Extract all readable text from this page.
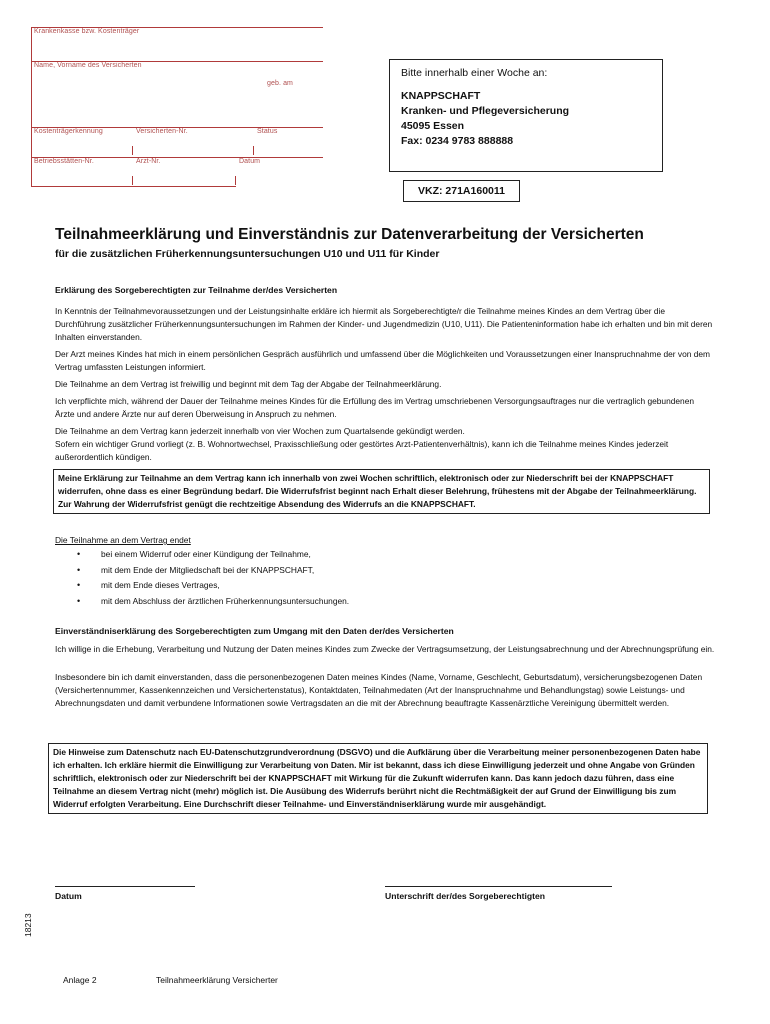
Krankenkasse bzw. Kostenträger
Name, Vorname des Versicherten
geb. am
Kostenträgerkennung	Versicherten-Nr.	Status
Betriebsstätten-Nr.	Arzt-Nr.	Datum
Bitte innerhalb einer Woche an:
KNAPPSCHAFT
Kranken- und Pflegeversicherung
45095 Essen
Fax: 0234 9783 888888
VKZ: 271A160011
Teilnahmeerklärung und Einverständnis zur Datenverarbeitung der Versicherten
für die zusätzlichen Früherkennungsuntersuchungen U10 und U11 für Kinder
Erklärung des Sorgeberechtigten zur Teilnahme der/des Versicherten
In Kenntnis der Teilnahmevoraussetzungen und der Leistungsinhalte erkläre ich hiermit als Sorgeberechtigte/r die Teilnahme meines Kindes an dem Vertrag über die Durchführung zusätzlicher Früherkennungsuntersuchungen im Rahmen der Kinder- und Jugendmedizin (U10, U11). Die Patienteninformation habe ich erhalten und bin mit deren Inhalten einverstanden.
Der Arzt meines Kindes hat mich in einem persönlichen Gespräch ausführlich und umfassend über die Möglichkeiten und Voraussetzungen einer Inanspruchnahme der von dem Vertrag umfassten Leistungen informiert.
Die Teilnahme an dem Vertrag ist freiwillig und beginnt mit dem Tag der Abgabe der Teilnahmeerklärung.
Ich verpflichte mich, während der Dauer der Teilnahme meines Kindes für die Erfüllung des im Vertrag umschriebenen Versorgungsauftrages nur die vertraglich gebundenen Ärzte und andere Ärzte nur auf deren Überweisung in Anspruch zu nehmen.
Die Teilnahme an dem Vertrag kann jederzeit innerhalb von vier Wochen zum Quartalsende gekündigt werden.
Sofern ein wichtiger Grund vorliegt (z. B. Wohnortwechsel, Praxisschließung oder gestörtes Arzt-Patientenverhältnis), kann ich die Teilnahme meines Kindes jederzeit außerordentlich kündigen.
Meine Erklärung zur Teilnahme an dem Vertrag kann ich innerhalb von zwei Wochen schriftlich, elektronisch oder zur Niederschrift bei der KNAPPSCHAFT widerrufen, ohne dass es einer Begründung bedarf. Die Widerrufsfrist beginnt nach Erhalt dieser Belehrung, frühestens mit der Abgabe der Teilnahmeerklärung. Zur Wahrung der Widerrufsfrist genügt die rechtzeitige Absendung des Widerrufs an die KNAPPSCHAFT.
Die Teilnahme an dem Vertrag endet
• bei einem Widerruf oder einer Kündigung der Teilnahme,
• mit dem Ende der Mitgliedschaft bei der KNAPPSCHAFT,
• mit dem Ende dieses Vertrages,
• mit dem Abschluss der ärztlichen Früherkennungsuntersuchungen.
Einverständniserklärung des Sorgeberechtigten zum Umgang mit den Daten der/des Versicherten
Ich willige in die Erhebung, Verarbeitung und Nutzung der Daten meines Kindes zum Zwecke der Vertragsumsetzung, der Leistungsabrechnung und der Abrechnungsprüfung ein.
Insbesondere bin ich damit einverstanden, dass die personenbezogenen Daten meines Kindes (Name, Vorname, Geschlecht, Geburtsdatum), versicherungsbezogenen Daten (Versichertennummer, Kassenkennzeichen und Versichertenstatus), Kontaktdaten, Teilnahmedaten (Art der Inanspruchnahme und Behandlungstag) sowie Leistungs- und Abrechnungsdaten und damit verbundene Informationen sowie Vertragsdaten an die mit der Abrechnung beauftragte Kassenärztliche Vereinigung übermittelt werden.
Die Hinweise zum Datenschutz nach EU-Datenschutzgrundverordnung (DSGVO) und die Aufklärung über die Verarbeitung meiner personenbezogenen Daten habe ich erhalten. Ich erkläre hiermit die Einwilligung zur Verarbeitung von Daten. Mir ist bekannt, dass ich diese Einwilligung jederzeit und ohne Angabe von Gründen schriftlich, elektronisch oder zur Niederschrift bei der KNAPPSCHAFT mit Wirkung für die Zukunft widerrufen kann. Das kann jedoch dazu führen, dass eine Teilnahme an diesem Vertrag nicht (mehr) möglich ist. Die Ausübung des Widerrufs berührt nicht die Rechtmäßigkeit der auf Grund der Einwilligung bis zum Widerruf erfolgten Verarbeitung. Eine Durchschrift dieser Teilnahme- und Einverständniserklärung wurde mir ausgehändigt.
Datum	Unterschrift der/des Sorgeberechtigten
18213
Anlage 2	Teilnahmeerklärung Versicherter
